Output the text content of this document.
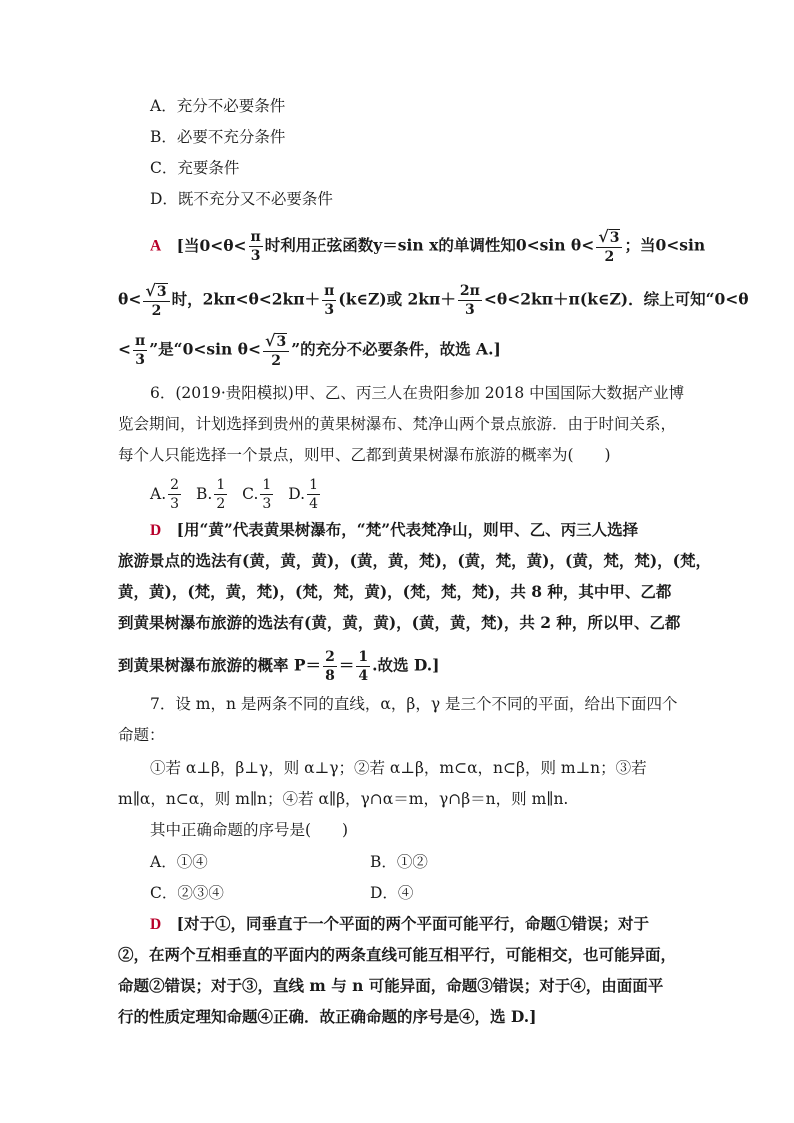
A．充分不必要条件
B．必要不充分条件
C．充要条件
D．既不充分又不必要条件
A [当$0<\theta< \frac{\pi}{3}$ 时利用正弦函数y＝sin x的单调性知0<sin $\theta< \frac{√3}{2}$ ；当0<sin
$\theta< \frac{√3}{2}$ 时，$2k\pi<\theta<2k\pi+ \frac{\pi}{3}$ (k∈Z)或 $2k\pi+ \frac{2\pi}{3}$ <θ<2kπ＋π(k∈Z)．综上可知“0<θ
< $\frac{\pi}{3}$ ”是“0<sin $\theta< \frac{√3}{2}$ ”的充分不必要条件，故选 A.]
6．(2019·贵阳模拟)甲、乙、丙三人在贵阳参加 2018 中国国际大数据产业博
览会期间，计划选择到贵州的黄果树瀑布、梵净山两个景点旅游．由于时间关系，
每个人只能选择一个景点，则甲、乙都到黄果树瀑布旅游的概率为(　　)
A. $\frac{2}{3} B$. $\frac{1}{2} C$. $\frac{1}{3} D$. $\frac{1}{4}$
D [用“黄”代表黄果树瀑布，“梵”代表梵净山，则甲、乙、丙三人选择
旅游景点的选法有(黄，黄，黄)，(黄，黄，梵)，(黄，梵，黄)，(黄，梵，梵)，(梵，
黄，黄)，(梵，黄，梵)，(梵，梵，黄)，(梵，梵，梵)，共 8 种，其中甲、乙都
到黄果树瀑布旅游的选法有(黄，黄，黄)，(黄，黄，梵)，共 2 种，所以甲、乙都
到黄果树瀑布旅游的概率 $P= \frac{2}{8} = \frac{1}{4}$ .故选 D.]
7．设 m，n 是两条不同的直线，α，β，γ 是三个不同的平面，给出下面四个
命题：
①若 α⊥β，β⊥γ，则 α⊥γ；②若 α⊥β，m⊂α，n⊂β，则 m⊥n；③若
m∥α，n⊂α，则 m∥n；④若 α∥β，γ∩α＝m，γ∩β＝n，则 m∥n.
其中正确命题的序号是(　　)
A．①④	B．①②
C．②③④	D．④
D [对于①，同垂直于一个平面的两个平面可能平行，命题①错误；对于
②，在两个互相垂直的平面内的两条直线可能互相平行，可能相交，也可能异面，
命题②错误；对于③，直线 m 与 n 可能异面，命题③错误；对于④，由面面平
行的性质定理知命题④正确．故正确命题的序号是④，选 D.]
